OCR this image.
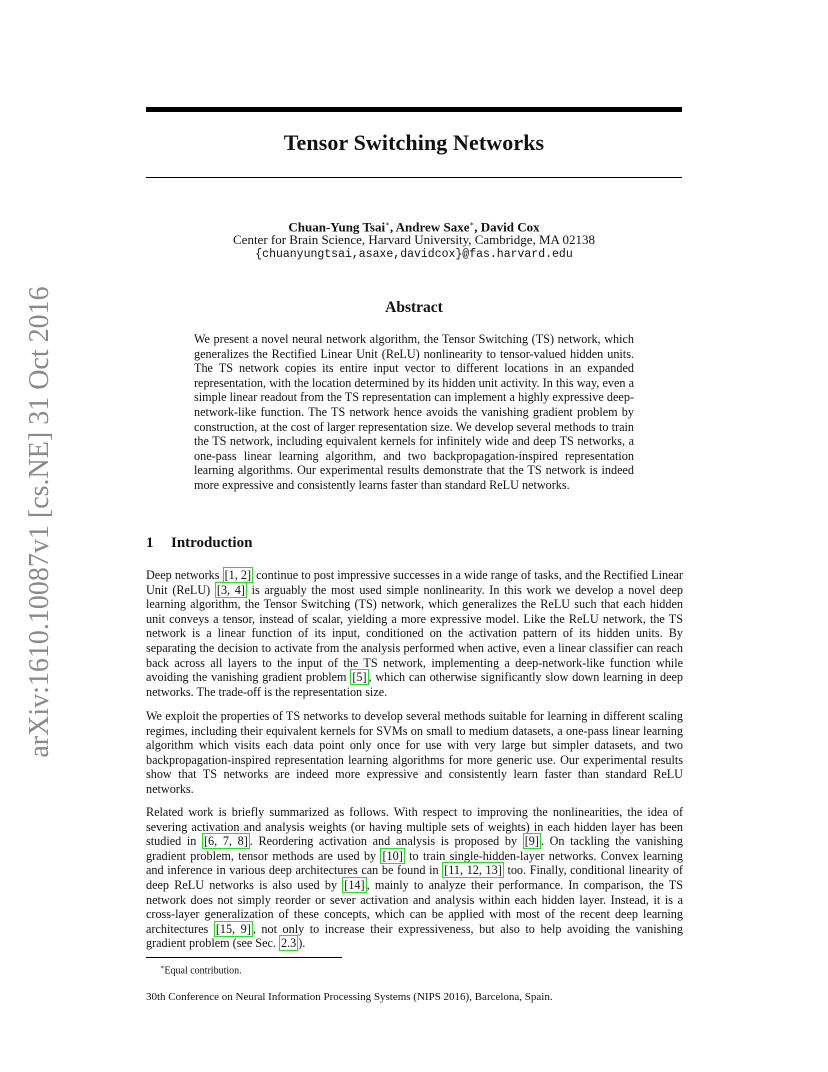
arXiv:1610.10087v1 [cs.NE] 31 Oct 2016
Tensor Switching Networks
Chuan-Yung Tsai∗, Andrew Saxe∗, David Cox
Center for Brain Science, Harvard University, Cambridge, MA 02138
{chuanyungtsai,asaxe,davidcox}@fas.harvard.edu
Abstract
We present a novel neural network algorithm, the Tensor Switching (TS) network, which generalizes the Rectified Linear Unit (ReLU) nonlinearity to tensor-valued hidden units. The TS network copies its entire input vector to different locations in an expanded representation, with the location determined by its hidden unit activity. In this way, even a simple linear readout from the TS representation can implement a highly expressive deep-network-like function. The TS network hence avoids the vanishing gradient problem by construction, at the cost of larger representation size. We develop several methods to train the TS network, including equivalent kernels for infinitely wide and deep TS networks, a one-pass linear learning algorithm, and two backpropagation-inspired representation learning algorithms. Our experimental results demonstrate that the TS network is indeed more expressive and consistently learns faster than standard ReLU networks.
1 Introduction
Deep networks [1, 2] continue to post impressive successes in a wide range of tasks, and the Rectified Linear Unit (ReLU) [3, 4] is arguably the most used simple nonlinearity. In this work we develop a novel deep learning algorithm, the Tensor Switching (TS) network, which generalizes the ReLU such that each hidden unit conveys a tensor, instead of scalar, yielding a more expressive model. Like the ReLU network, the TS network is a linear function of its input, conditioned on the activation pattern of its hidden units. By separating the decision to activate from the analysis performed when active, even a linear classifier can reach back across all layers to the input of the TS network, implementing a deep-network-like function while avoiding the vanishing gradient problem [5] , which can otherwise significantly slow down learning in deep networks. The trade-off is the representation size.
We exploit the properties of TS networks to develop several methods suitable for learning in different scaling regimes, including their equivalent kernels for SVMs on small to medium datasets, a one-pass linear learning algorithm which visits each data point only once for use with very large but simpler datasets, and two backpropagation-inspired representation learning algorithms for more generic use. Our experimental results show that TS networks are indeed more expressive and consistently learn faster than standard ReLU networks.
Related work is briefly summarized as follows. With respect to improving the nonlinearities, the idea of severing activation and analysis weights (or having multiple sets of weights) in each hidden layer has been studied in [6, 7, 8] . Reordering activation and analysis is proposed by [9] . On tackling the vanishing gradient problem, tensor methods are used by [10] to train single-hidden-layer networks. Convex learning and inference in various deep architectures can be found in [11, 12, 13] too. Finally, conditional linearity of deep ReLU networks is also used by [14] , mainly to analyze their performance. In comparison, the TS network does not simply reorder or sever activation and analysis within each hidden layer. Instead, it is a cross-layer generalization of these concepts, which can be applied with most of the recent deep learning architectures [15, 9] , not only to increase their expressiveness, but also to help avoiding the vanishing gradient problem (see Sec. 2.3 ).
∗Equal contribution.
30th Conference on Neural Information Processing Systems (NIPS 2016), Barcelona, Spain.
